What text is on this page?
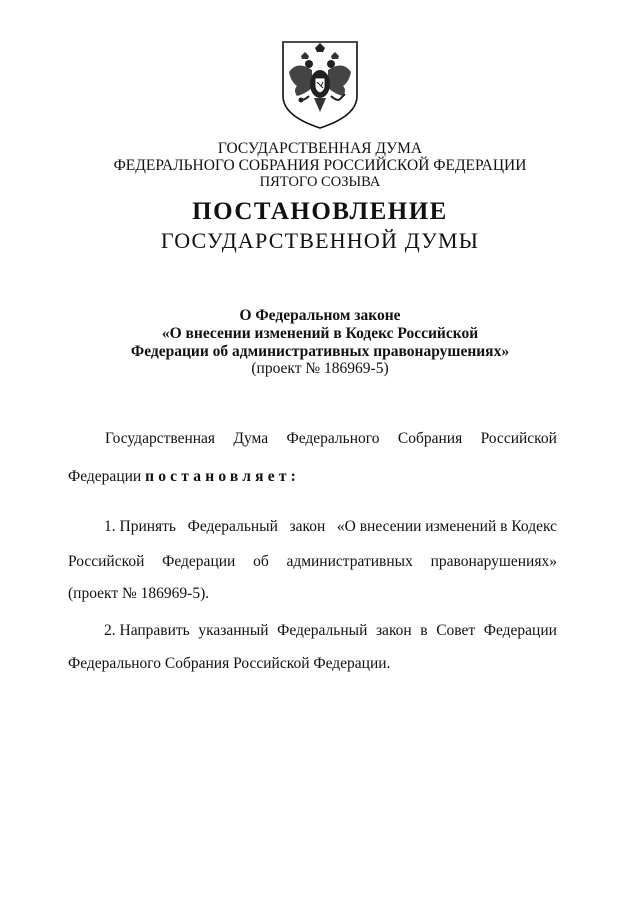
ГОСУДАРСТВЕННАЯ ДУМА
ФЕДЕРАЛЬНОГО СОБРАНИЯ РОССИЙСКОЙ ФЕДЕРАЦИИ
ПЯТОГО СОЗЫВА
ПОСТАНОВЛЕНИЕ
ГОСУДАРСТВЕННОЙ ДУМЫ
О Федеральном законе
«О внесении изменений в Кодекс Российской
Федерации об административных правонарушениях»
(проект № 186969-5)
Государственная Дума Федерального Собрания Российской
Федерации постановляет:
1. Принять Федеральный закон «О внесении изменений в Кодекс
Российской Федерации об административных правонарушениях»
(проект № 186969-5).
2. Направить указанный Федеральный закон в Совет Федерации
Федерального Собрания Российской Федерации.
